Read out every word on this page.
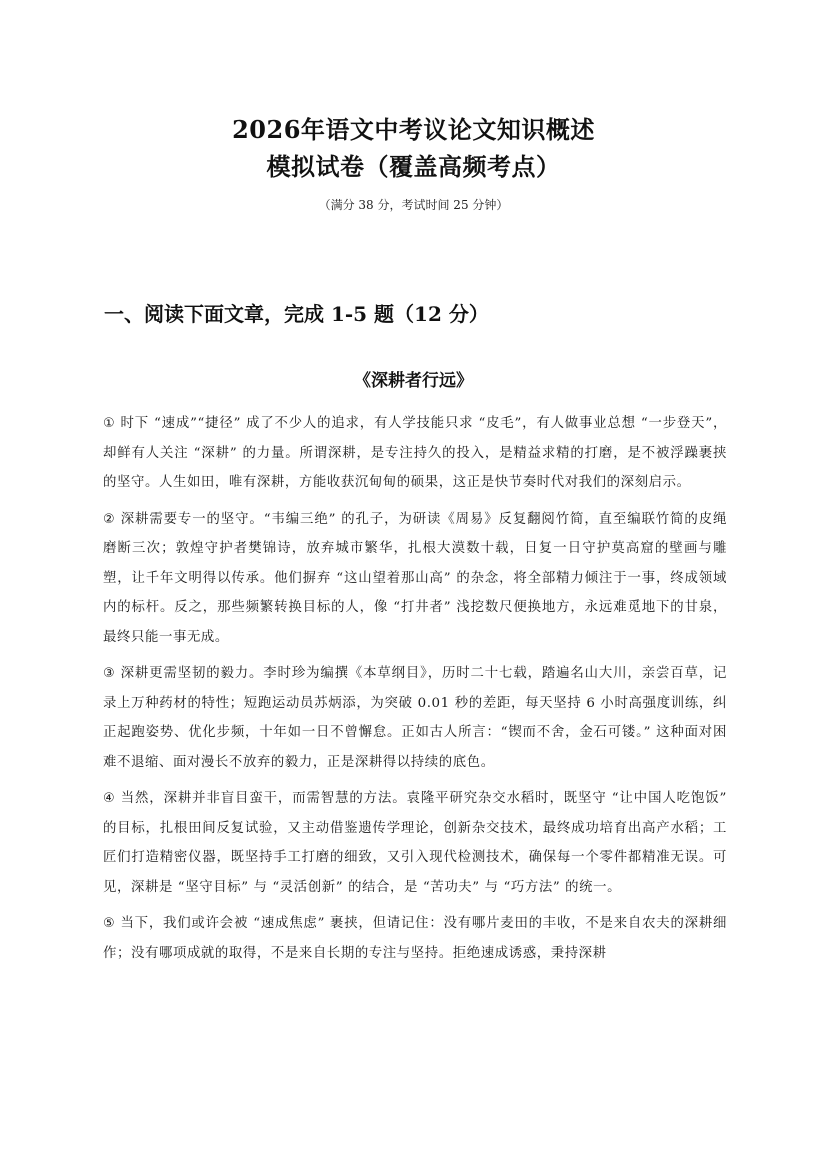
2026年语文中考议论文知识概述
模拟试卷（覆盖高频考点）
（满分 38 分，考试时间 25 分钟）
一、阅读下面文章，完成 1-5 题（12 分）
《深耕者行远》

① 时下 “速成”“捷径” 成了不少人的追求，有人学技能只求 “皮毛”，有人做事业总想 “一步登天”，却鲜有人关注 “深耕” 的力量。所谓深耕，是专注持久的投入，是精益求精的打磨，是不被浮躁裹挟的坚守。人生如田，唯有深耕，方能收获沉甸甸的硕果，这正是快节奏时代对我们的深刻启示。

② 深耕需要专一的坚守。“韦编三绝” 的孔子，为研读《周易》反复翻阅竹简，直至编联竹简的皮绳磨断三次；敦煌守护者樊锦诗，放弃城市繁华，扎根大漠数十载，日复一日守护莫高窟的壁画与雕塑，让千年文明得以传承。他们摒弃 “这山望着那山高” 的杂念，将全部精力倾注于一事，终成领域内的标杆。反之，那些频繁转换目标的人，像 “打井者” 浅挖数尺便换地方，永远难觅地下的甘泉，最终只能一事无成。

③ 深耕更需坚韧的毅力。李时珍为编撰《本草纲目》，历时二十七载，踏遍名山大川，亲尝百草，记录上万种药材的特性；短跑运动员苏炳添，为突破 0.01 秒的差距，每天坚持 6 小时高强度训练，纠正起跑姿势、优化步频，十年如一日不曾懈怠。正如古人所言：“锲而不舍，金石可镂。” 这种面对困难不退缩、面对漫长不放弃的毅力，正是深耕得以持续的底色。

④ 当然，深耕并非盲目蛮干，而需智慧的方法。袁隆平研究杂交水稻时，既坚守 “让中国人吃饱饭” 的目标，扎根田间反复试验，又主动借鉴遗传学理论，创新杂交技术，最终成功培育出高产水稻；工匠们打造精密仪器，既坚持手工打磨的细致，又引入现代检测技术，确保每一个零件都精准无误。可见，深耕是 “坚守目标” 与 “灵活创新” 的结合，是 “苦功夫” 与 “巧方法” 的统一。

⑤ 当下，我们或许会被 “速成焦虑” 裹挟，但请记住：没有哪片麦田的丰收，不是来自农夫的深耕细作；没有哪项成就的取得，不是来自长期的专注与坚持。拒绝速成诱惑，秉持深耕
